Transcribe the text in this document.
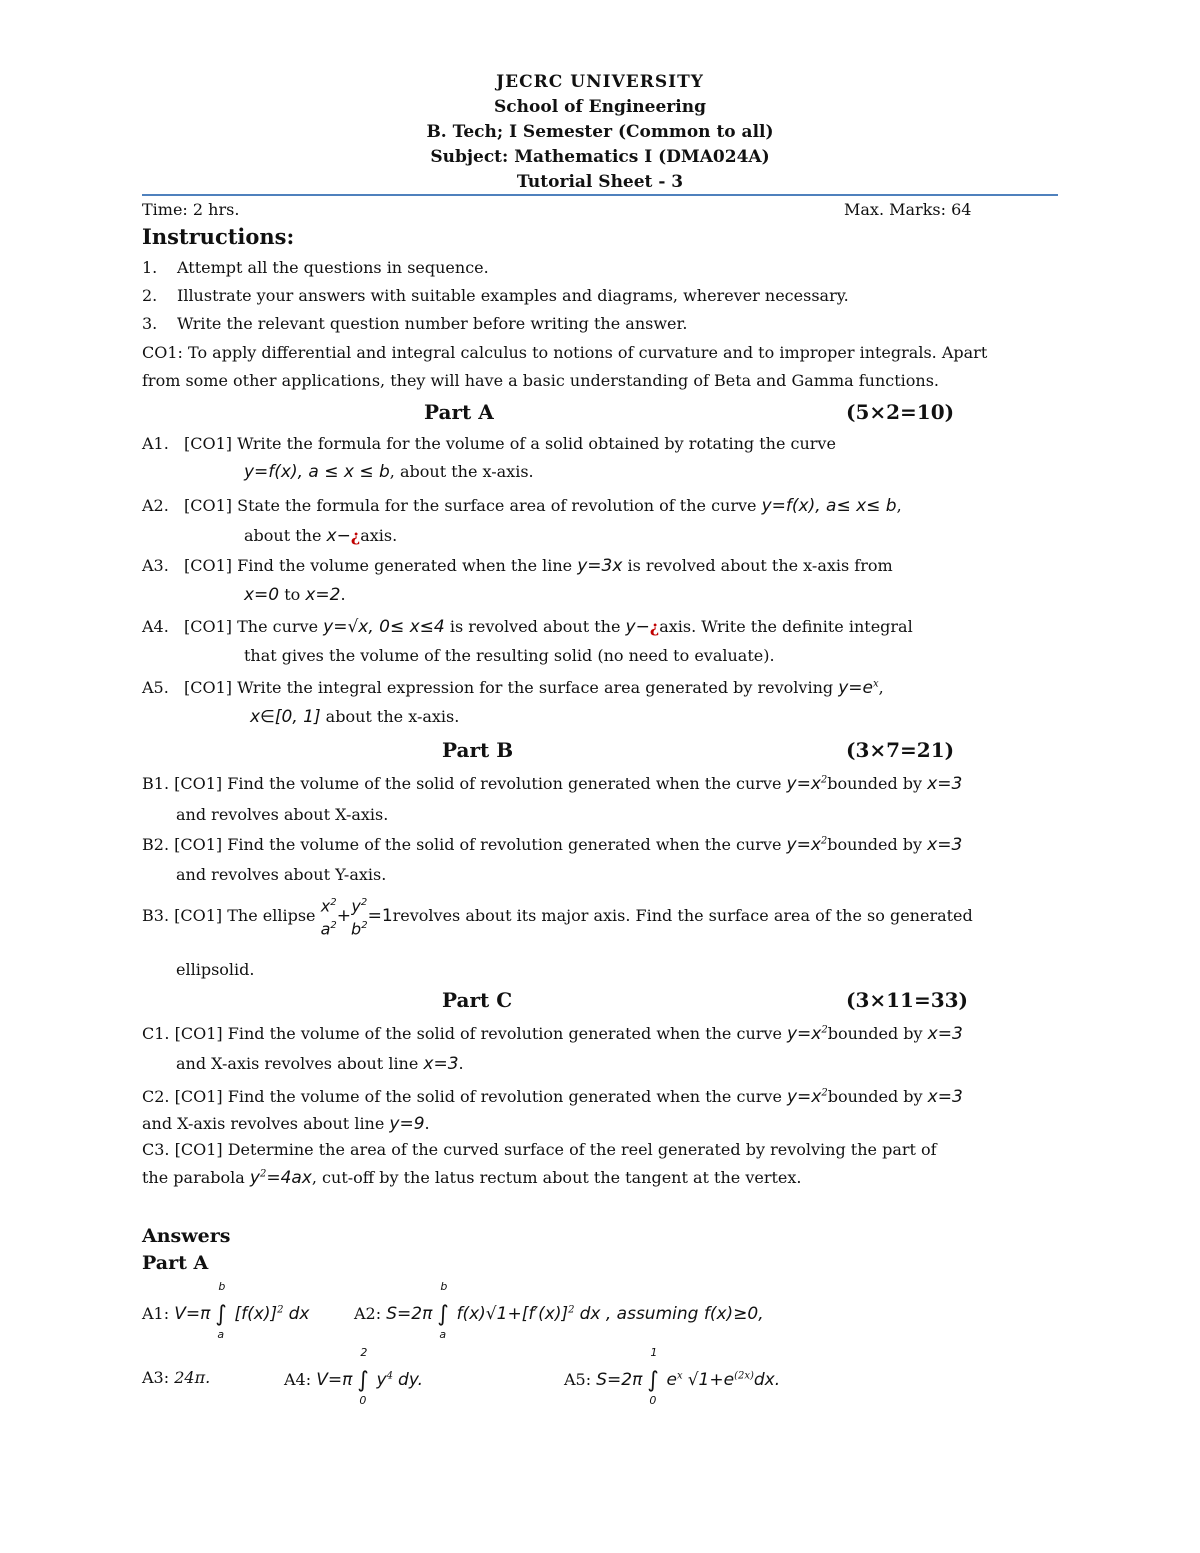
JECRC UNIVERSITY
School of Engineering
B. Tech; I Semester (Common to all)
Subject: Mathematics I (DMA024A)
Tutorial Sheet - 3
Time: 2 hrs.	Max. Marks: 64
Instructions:
1. Attempt all the questions in sequence.
2. Illustrate your answers with suitable examples and diagrams, wherever necessary.
3. Write the relevant question number before writing the answer.
CO1: To apply differential and integral calculus to notions of curvature and to improper integrals. Apart
from some other applications, they will have a basic understanding of Beta and Gamma functions.
Part A	(5×2=10)
A1. [CO1] Write the formula for the volume of a solid obtained by rotating the curve
y=f(x), a ≤ x ≤ b, about the x-axis.
A2. [CO1] State the formula for the surface area of revolution of the curve y=f(x), a≤ x≤ b,
about the x−¿axis.
A3. [CO1] Find the volume generated when the line y=3x is revolved about the x-axis from
x=0 to x=2.
A4. [CO1] The curve y=√x, 0≤ x≤4 is revolved about the y−¿axis. Write the definite integral
that gives the volume of the resulting solid (no need to evaluate).
A5. [CO1] Write the integral expression for the surface area generated by revolving $y=e^x$,
x∈[0, 1] about the x-axis.
Part B	(3×7=21)
B1. [CO1] Find the volume of the solid of revolution generated when the curve $y=x^2bounded$ by x=3
and revolves about X-axis.
B2. [CO1] Find the volume of the solid of revolution generated when the curve $y=x^2bounded$ by x=3
and revolves about Y-axis.
B3. [CO1] The ellipse $x^2$
$a^2 + y^2$
$b^2$ =1revolves about its major axis. Find the surface area of the so generated
ellipsolid.
Part C	(3×11=33)
C1. [CO1] Find the volume of the solid of revolution generated when the curve $y=x^2bounded$ by x=3
and X-axis revolves about line x=3.
C2. [CO1] Find the volume of the solid of revolution generated when the curve $y=x^2bounded$ by x=3
and X-axis revolves about line y=9.
C3. [CO1] Determine the area of the curved surface of the reel generated by revolving the part of
the parabola $y^2=4ax$, cut-off by the latus rectum about the tangent at the vertex.
Answers
Part A
A1: V=π ∫
b
a
$[f(x)]^2$ dx	A2: S=2π ∫
b
a
$f(x)√1+[f'(x)]^2$ dx , assuming f(x)≥0,
A3: 24π.	A4: V=π ∫
2
0
$y^4$ dy.	A5: S=2π ∫
1
0
$e^x$ $√1+e^{(2x)}dx$.
